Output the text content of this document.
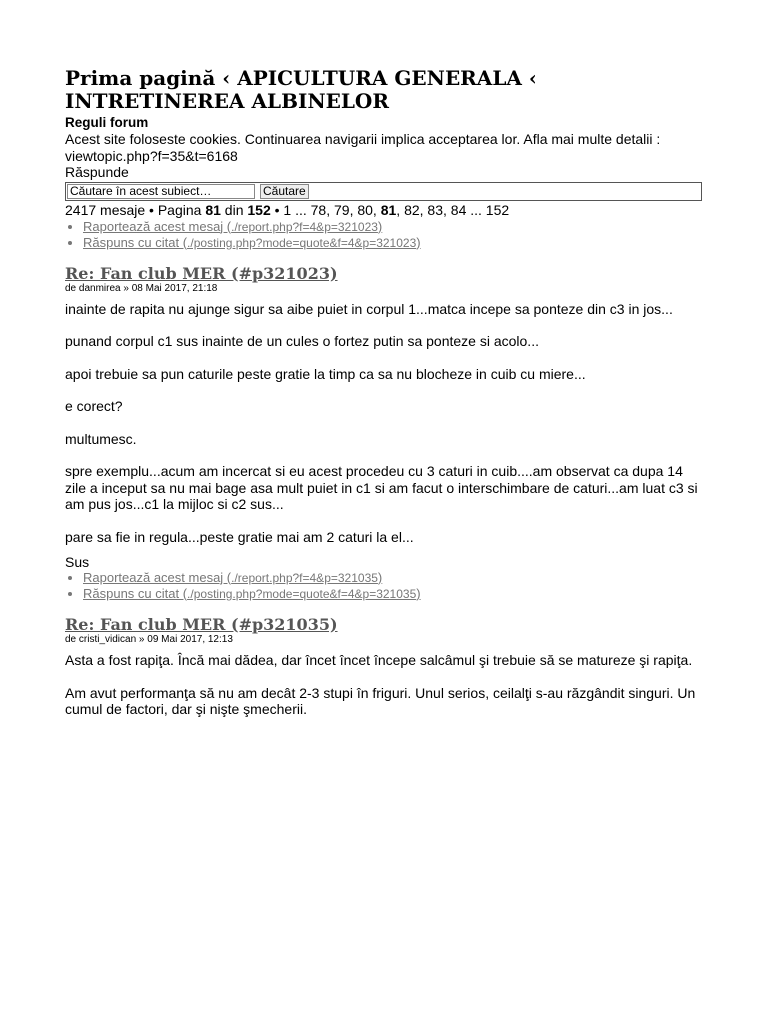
Prima pagină ‹ APICULTURA GENERALA ‹ INTRETINEREA ALBINELOR
Reguli forum
Acest site foloseste cookies. Continuarea navigarii implica acceptarea lor. Afla mai multe detalii : viewtopic.php?f=35&t=6168
Răspunde
Căutare în acest subiect…
Căutare
2417 mesaje • Pagina 81 din 152 • 1 ... 78, 79, 80, 81, 82, 83, 84 ... 152
• Raportează acest mesaj (./report.php?f=4&p=321023)
• Răspuns cu citat (./posting.php?mode=quote&f=4&p=321023)
Re: Fan club MER (#p321023)
de danmirea » 08 Mai 2017, 21:18

inainte de rapita nu ajunge sigur sa aibe puiet in corpul 1...matca incepe sa ponteze din c3 in jos...

punand corpul c1 sus inainte de un cules o fortez putin sa ponteze si acolo...

apoi trebuie sa pun caturile peste gratie la timp ca sa nu blocheze in cuib cu miere...

e corect?

multumesc.

spre exemplu...acum am incercat si eu acest procedeu cu 3 caturi in cuib....am observat ca dupa 14 zile a inceput sa nu mai bage asa mult puiet in c1 si am facut o interschimbare de caturi...am luat c3 si am pus jos...c1 la mijloc si c2 sus...

pare sa fie in regula...peste gratie mai am 2 caturi la el...

Sus
• Raportează acest mesaj (./report.php?f=4&p=321035)
• Răspuns cu citat (./posting.php?mode=quote&f=4&p=321035)
Re: Fan club MER (#p321035)
de cristi_vidican » 09 Mai 2017, 12:13

Asta a fost rapiţa. Încă mai dădea, dar încet încet începe salcâmul şi trebuie să se matureze şi rapiţa.

Am avut performanţa să nu am decât 2-3 stupi în friguri. Unul serios, ceilalţi s-au răzgândit singuri. Un cumul de factori, dar şi nişte şmecherii.
